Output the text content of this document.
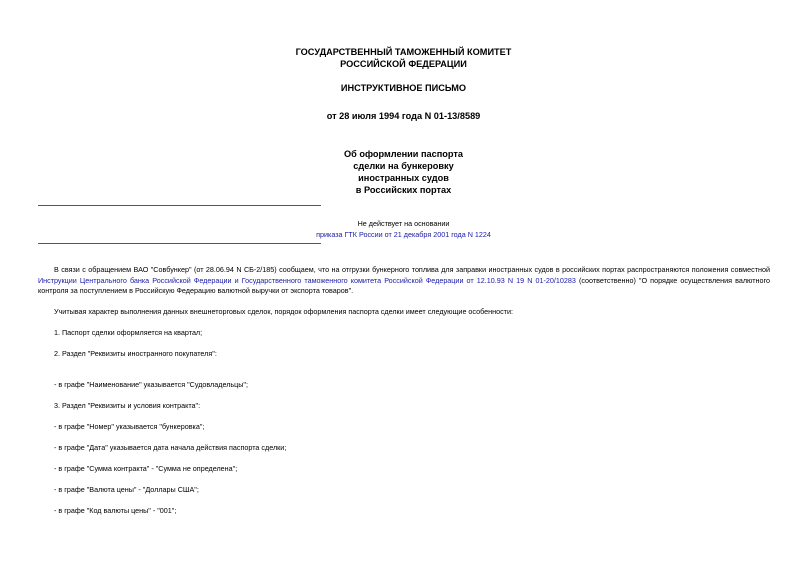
ГОСУДАРСТВЕННЫЙ ТАМОЖЕННЫЙ КОМИТЕТ
РОССИЙСКОЙ ФЕДЕРАЦИИ
ИНСТРУКТИВНОЕ ПИСЬМО
от 28 июля 1994 года N 01-13/8589
Об оформлении паспорта
сделки на бункеровку
иностранных судов
в Российских портах
Не действует на основании
приказа ГТК России от 21 декабря 2001 года N 1224
В связи с обращением ВАО "Совбункер" (от 28.06.94 N СБ-2/185) сообщаем, что на отгрузки бункерного топлива для заправки иностранных судов в российских портах распространяются положения совместной Инструкции Центрального банка Российской Федерации и Государственного таможенного комитета Российской Федерации от 12.10.93 N 19 N 01-20/10283 (соответственно) "О порядке осуществления валютного контроля за поступлением в Российскую Федерацию валютной выручки от экспорта товаров".
Учитывая характер выполнения данных внешнеторговых сделок, порядок оформления паспорта сделки имеет следующие особенности:
1. Паспорт сделки оформляется на квартал;
2. Раздел "Реквизиты иностранного покупателя":
- в графе "Наименование" указывается "Судовладельцы";
3. Раздел "Реквизиты и условия контракта":
- в графе "Номер" указывается "бункеровка";
- в графе "Дата" указывается дата начала действия паспорта сделки;
- в графе "Сумма контракта" - "Сумма не определена";
- в графе "Валюта цены" - "Доллары США";
- в графе "Код валюты цены" - "001";
